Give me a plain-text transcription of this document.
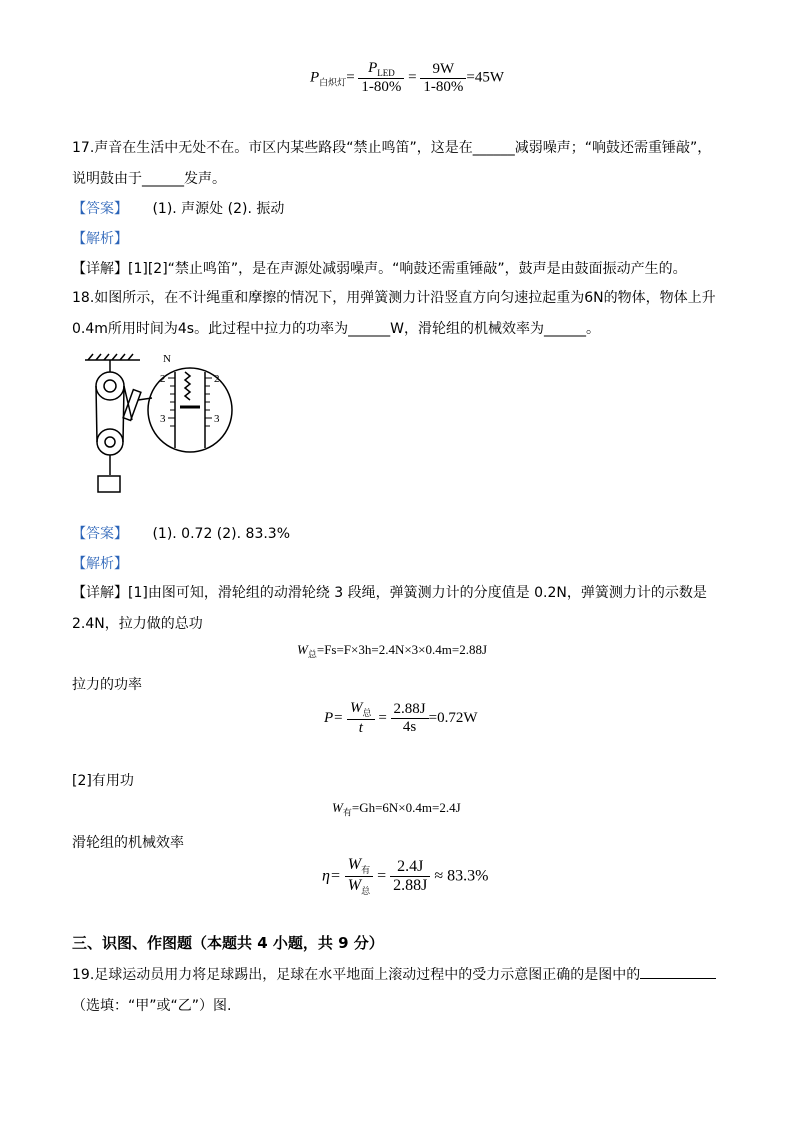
$P_{白炽灯}= \frac{P_{LED}}{1-80\%} = \frac{9W}{1-80\%} =45W$
17.声音在生活中无处不在。市区内某些路段“禁止鸣笛”，这是在______减弱噪声；“响鼓还需重锤敲”，
说明鼓由于______发声。
【答案】 (1). 声源处 (2). 振动
【解析】
【详解】[1][2]“禁止鸣笛”，是在声源处减弱噪声。“响鼓还需重锤敲”，鼓声是由鼓面振动产生的。
18.如图所示，在不计绳重和摩擦的情况下，用弹簧测力计沿竖直方向匀速拉起重为6N的物体，物体上升
0.4m所用时间为4s。此过程中拉力的功率为______W，滑轮组的机械效率为______。
N
2
3
2
3
【答案】 (1). 0.72 (2). 83.3%
【解析】
【详解】[1]由图可知，滑轮组的动滑轮绕 3 段绳，弹簧测力计的分度值是 0.2N，弹簧测力计的示数是
2.4N，拉力做的总功
$W_总=Fs=F\times 3h=2.4N\times 3\times 0.4m=2.88J$
拉力的功率
$P= \frac{W_总}{t} = \frac{2.88J}{4s} =0.72W$
[2]有用功
$W_有=Gh=6N\times 0.4m=2.4J$
滑轮组的机械效率
$\eta= \frac{W_有}{W_总} = \frac{2.4J}{2.88J} \approx 83.3\%$
三、识图、作图题（本题共 4 小题，共 9 分）
19.足球运动员用力将足球踢出，足球在水平地面上滚动过程中的受力示意图正确的是图中的
（选填：“甲”或“乙”）图.
